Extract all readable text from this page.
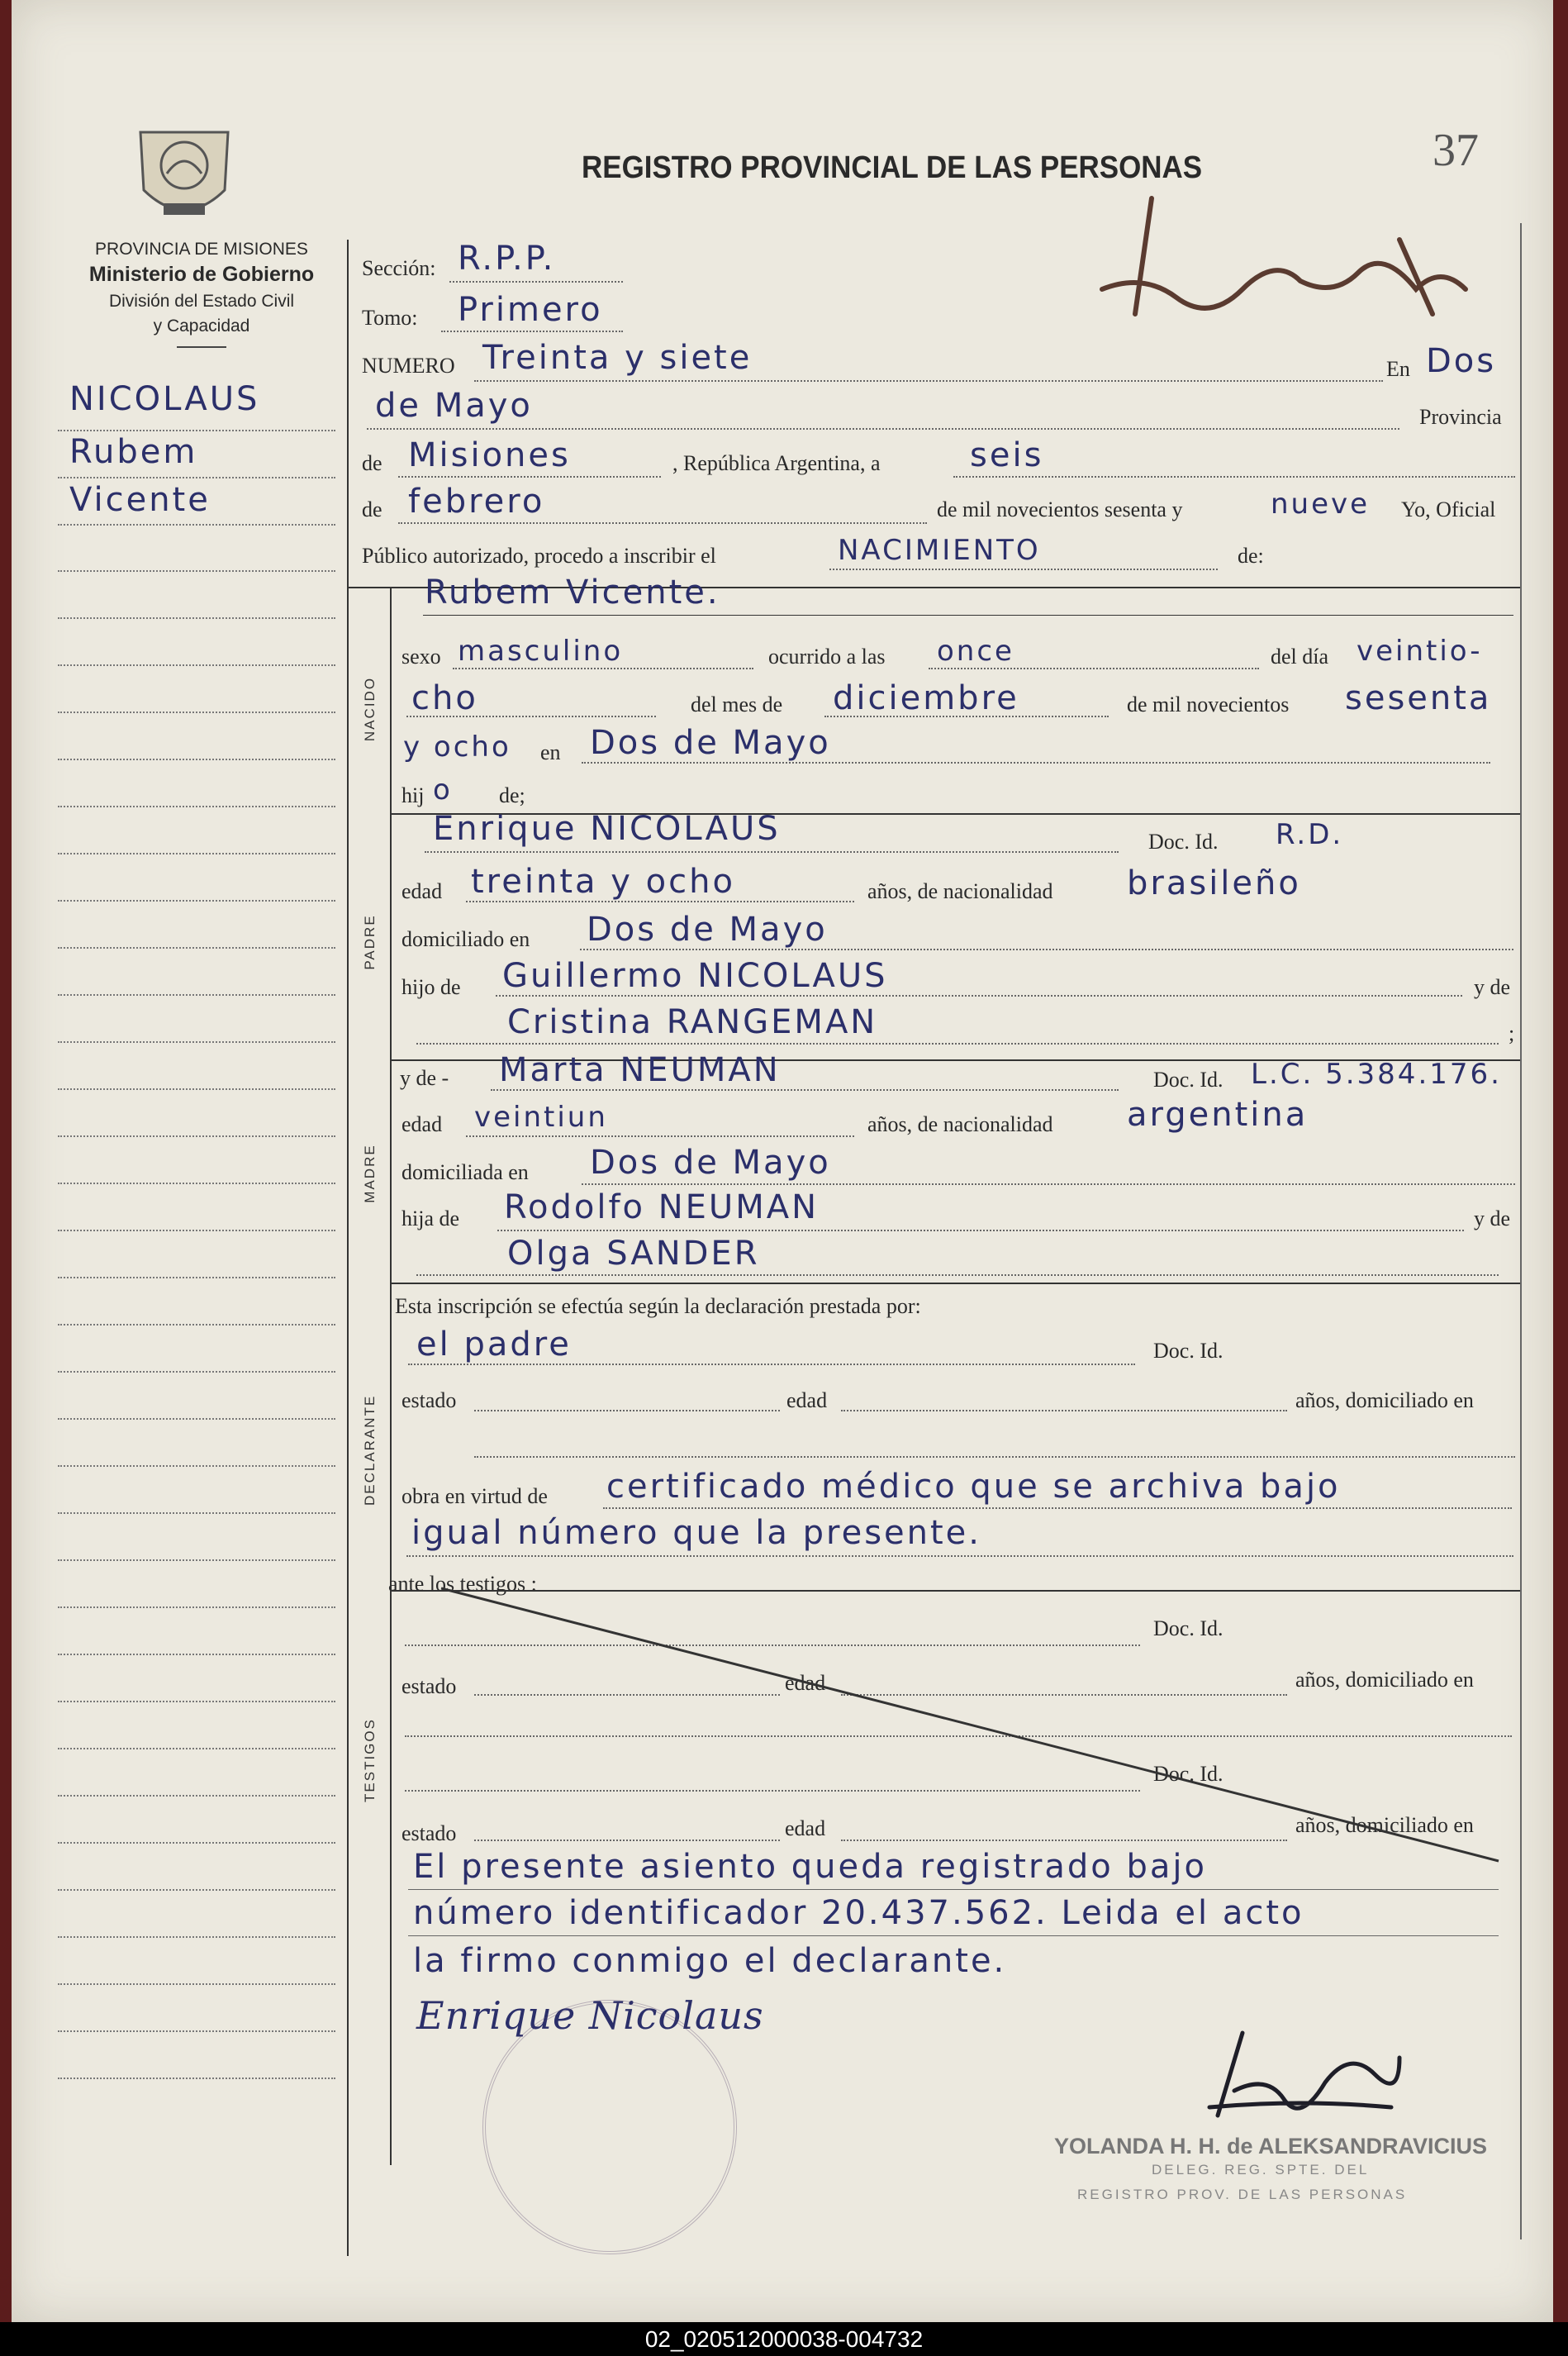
37
PROVINCIA DE MISIONES
Ministerio de Gobierno
División del Estado Civil
y Capacidad
REGISTRO PROVINCIAL DE LAS PERSONAS
NICOLAUS
Rubem
Vicente
Sección: R.P.P.
Tomo: Primero
NUMERO Treinta y siete	En Dos
de Mayo	Provincia
de Misiones	, República Argentina, a	seis
de febrero	de mil novecientos sesenta y	nueve Yo, Oficial
Público autorizado, procedo a inscribir el	NACIMIENTO	de:
NACIDO
Rubem Vicente.
sexo masculino	ocurrido a las once	del día veintio-
cho	del mes de diciembre	de mil novecientos sesenta
y ocho en Dos de Mayo
hij o de;
PADRE
Enrique NICOLAUS	Doc. Id. R.D.
edad treinta y ocho	años, de nacionalidad brasileño
domiciliado en Dos de Mayo
hijo de Guillermo NICOLAUS	y de
Cristina RANGEMAN	;
MADRE
y de - Marta NEUMAN	Doc. Id. L.C. 5.384.176.
edad veintiun	años, de nacionalidad argentina
domiciliada en Dos de Mayo
hija de Rodolfo NEUMAN	y de
Olga SANDER
Esta inscripción se efectúa según la declaración prestada por:
DECLARANTE
el padre	Doc. Id.
estado	edad	años, domiciliado en
obra en virtud de certificado médico que se archiva bajo
igual número que la presente.
ante los testigos :
TESTIGOS
Doc. Id.
estado	edad	años, domiciliado en
Doc. Id.
estado	edad	años, domiciliado en
El presente asiento queda registrado bajo
número identificador 20.437.562. Leida el acto
la firmo conmigo el declarante.
Enrique Nicolaus
YOLANDA H. H. de ALEKSANDRAVICIUS
DELEG. REG. SPTE. DEL
REGISTRO PROV. DE LAS PERSONAS
02_020512000038-004732
